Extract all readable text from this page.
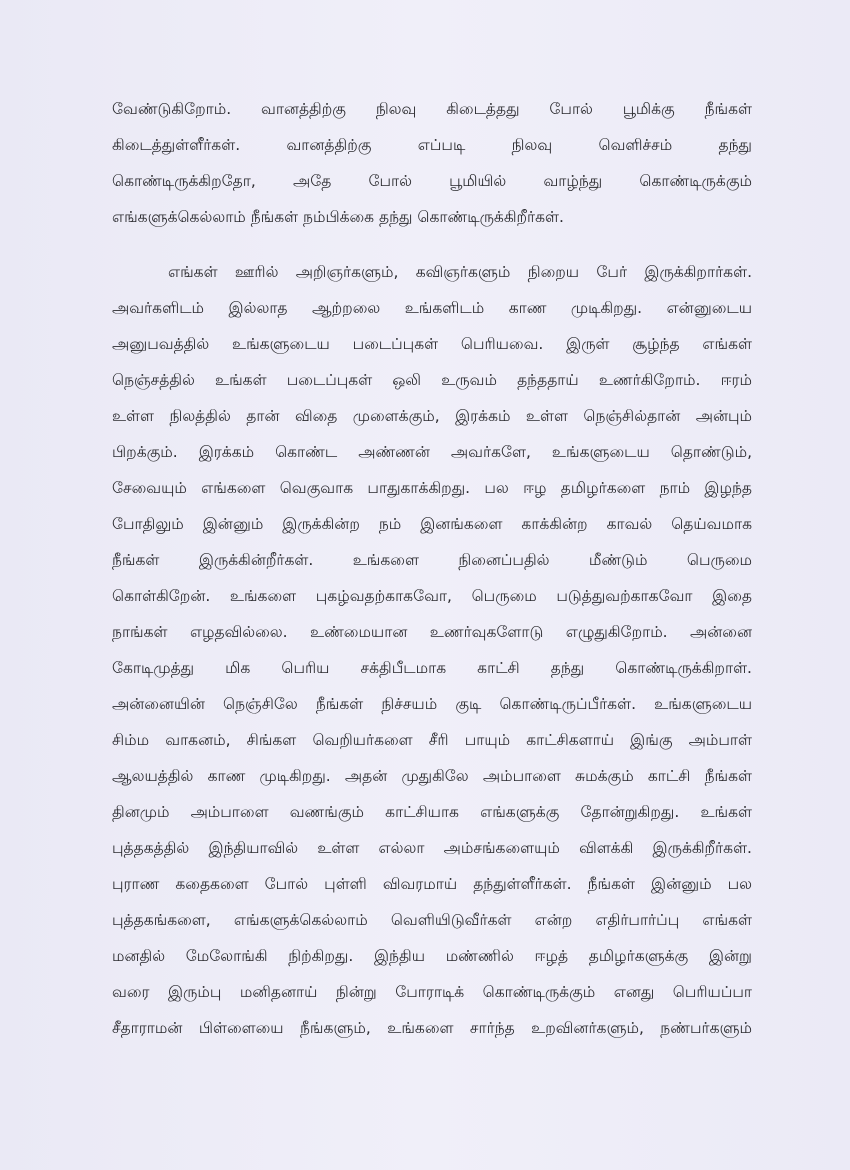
வேண்டுகிறோம். வானத்திற்கு நிலவு கிடைத்தது போல் பூமிக்கு நீங்கள்
கிடைத்துள்ளீர்கள். வானத்திற்கு எப்படி நிலவு வெளிச்சம் தந்து
கொண்டிருக்கிறதோ, அதே போல் பூமியில் வாழ்ந்து கொண்டிருக்கும்
எங்களுக்கெல்லாம் நீங்கள் நம்பிக்கை தந்து கொண்டிருக்கிறீர்கள்.
எங்கள் ஊரில் அறிஞர்களும், கவிஞர்களும் நிறைய பேர் இருக்கிறார்கள்.
அவர்களிடம் இல்லாத ஆற்றலை உங்களிடம் காண முடிகிறது. என்னுடைய
அனுபவத்தில் உங்களுடைய படைப்புகள் பெரியவை. இருள் சூழ்ந்த எங்கள்
நெஞ்சத்தில் உங்கள் படைப்புகள் ஒலி உருவம் தந்ததாய் உணர்கிறோம். ஈரம்
உள்ள நிலத்தில் தான் விதை முளைக்கும், இரக்கம் உள்ள நெஞ்சில்தான் அன்பும்
பிறக்கும். இரக்கம் கொண்ட அண்ணன் அவர்களே, உங்களுடைய தொண்டும்,
சேவையும் எங்களை வெகுவாக பாதுகாக்கிறது. பல ஈழ தமிழர்களை நாம் இழந்த
போதிலும் இன்னும் இருக்கின்ற நம் இனங்களை காக்கின்ற காவல் தெய்வமாக
நீங்கள் இருக்கின்றீர்கள். உங்களை நினைப்பதில் மீண்டும் பெருமை
கொள்கிறேன். உங்களை புகழ்வதற்காகவோ, பெருமை படுத்துவற்காகவோ இதை
நாங்கள் எழதவில்லை. உண்மையான உணர்வுகளோடு எழுதுகிறோம். அன்னை
கோடிமுத்து மிக பெரிய சக்திபீடமாக காட்சி தந்து கொண்டிருக்கிறாள்.
அன்னையின் நெஞ்சிலே நீங்கள் நிச்சயம் குடி கொண்டிருப்பீர்கள். உங்களுடைய
சிம்ம வாகனம், சிங்கள வெறியர்களை சீரி பாயும் காட்சிகளாய் இங்கு அம்பாள்
ஆலயத்தில் காண முடிகிறது. அதன் முதுகிலே அம்பாளை சுமக்கும் காட்சி நீங்கள்
தினமும் அம்பாளை வணங்கும் காட்சியாக எங்களுக்கு தோன்றுகிறது. உங்கள்
புத்தகத்தில் இந்தியாவில் உள்ள எல்லா அம்சங்களையும் விளக்கி இருக்கிறீர்கள்.
புராண கதைகளை போல் புள்ளி விவரமாய் தந்துள்ளீர்கள். நீங்கள் இன்னும் பல
புத்தகங்களை, எங்களுக்கெல்லாம் வெளியிடுவீர்கள் என்ற எதிர்பார்ப்பு எங்கள்
மனதில் மேலோங்கி நிற்கிறது. இந்திய மண்ணில் ஈழத் தமிழர்களுக்கு இன்று
வரை இரும்பு மனிதனாய் நின்று போராடிக் கொண்டிருக்கும் எனது பெரியப்பா
சீதாராமன் பிள்ளையை நீங்களும், உங்களை சார்ந்த உறவினர்களும், நண்பர்களும்
